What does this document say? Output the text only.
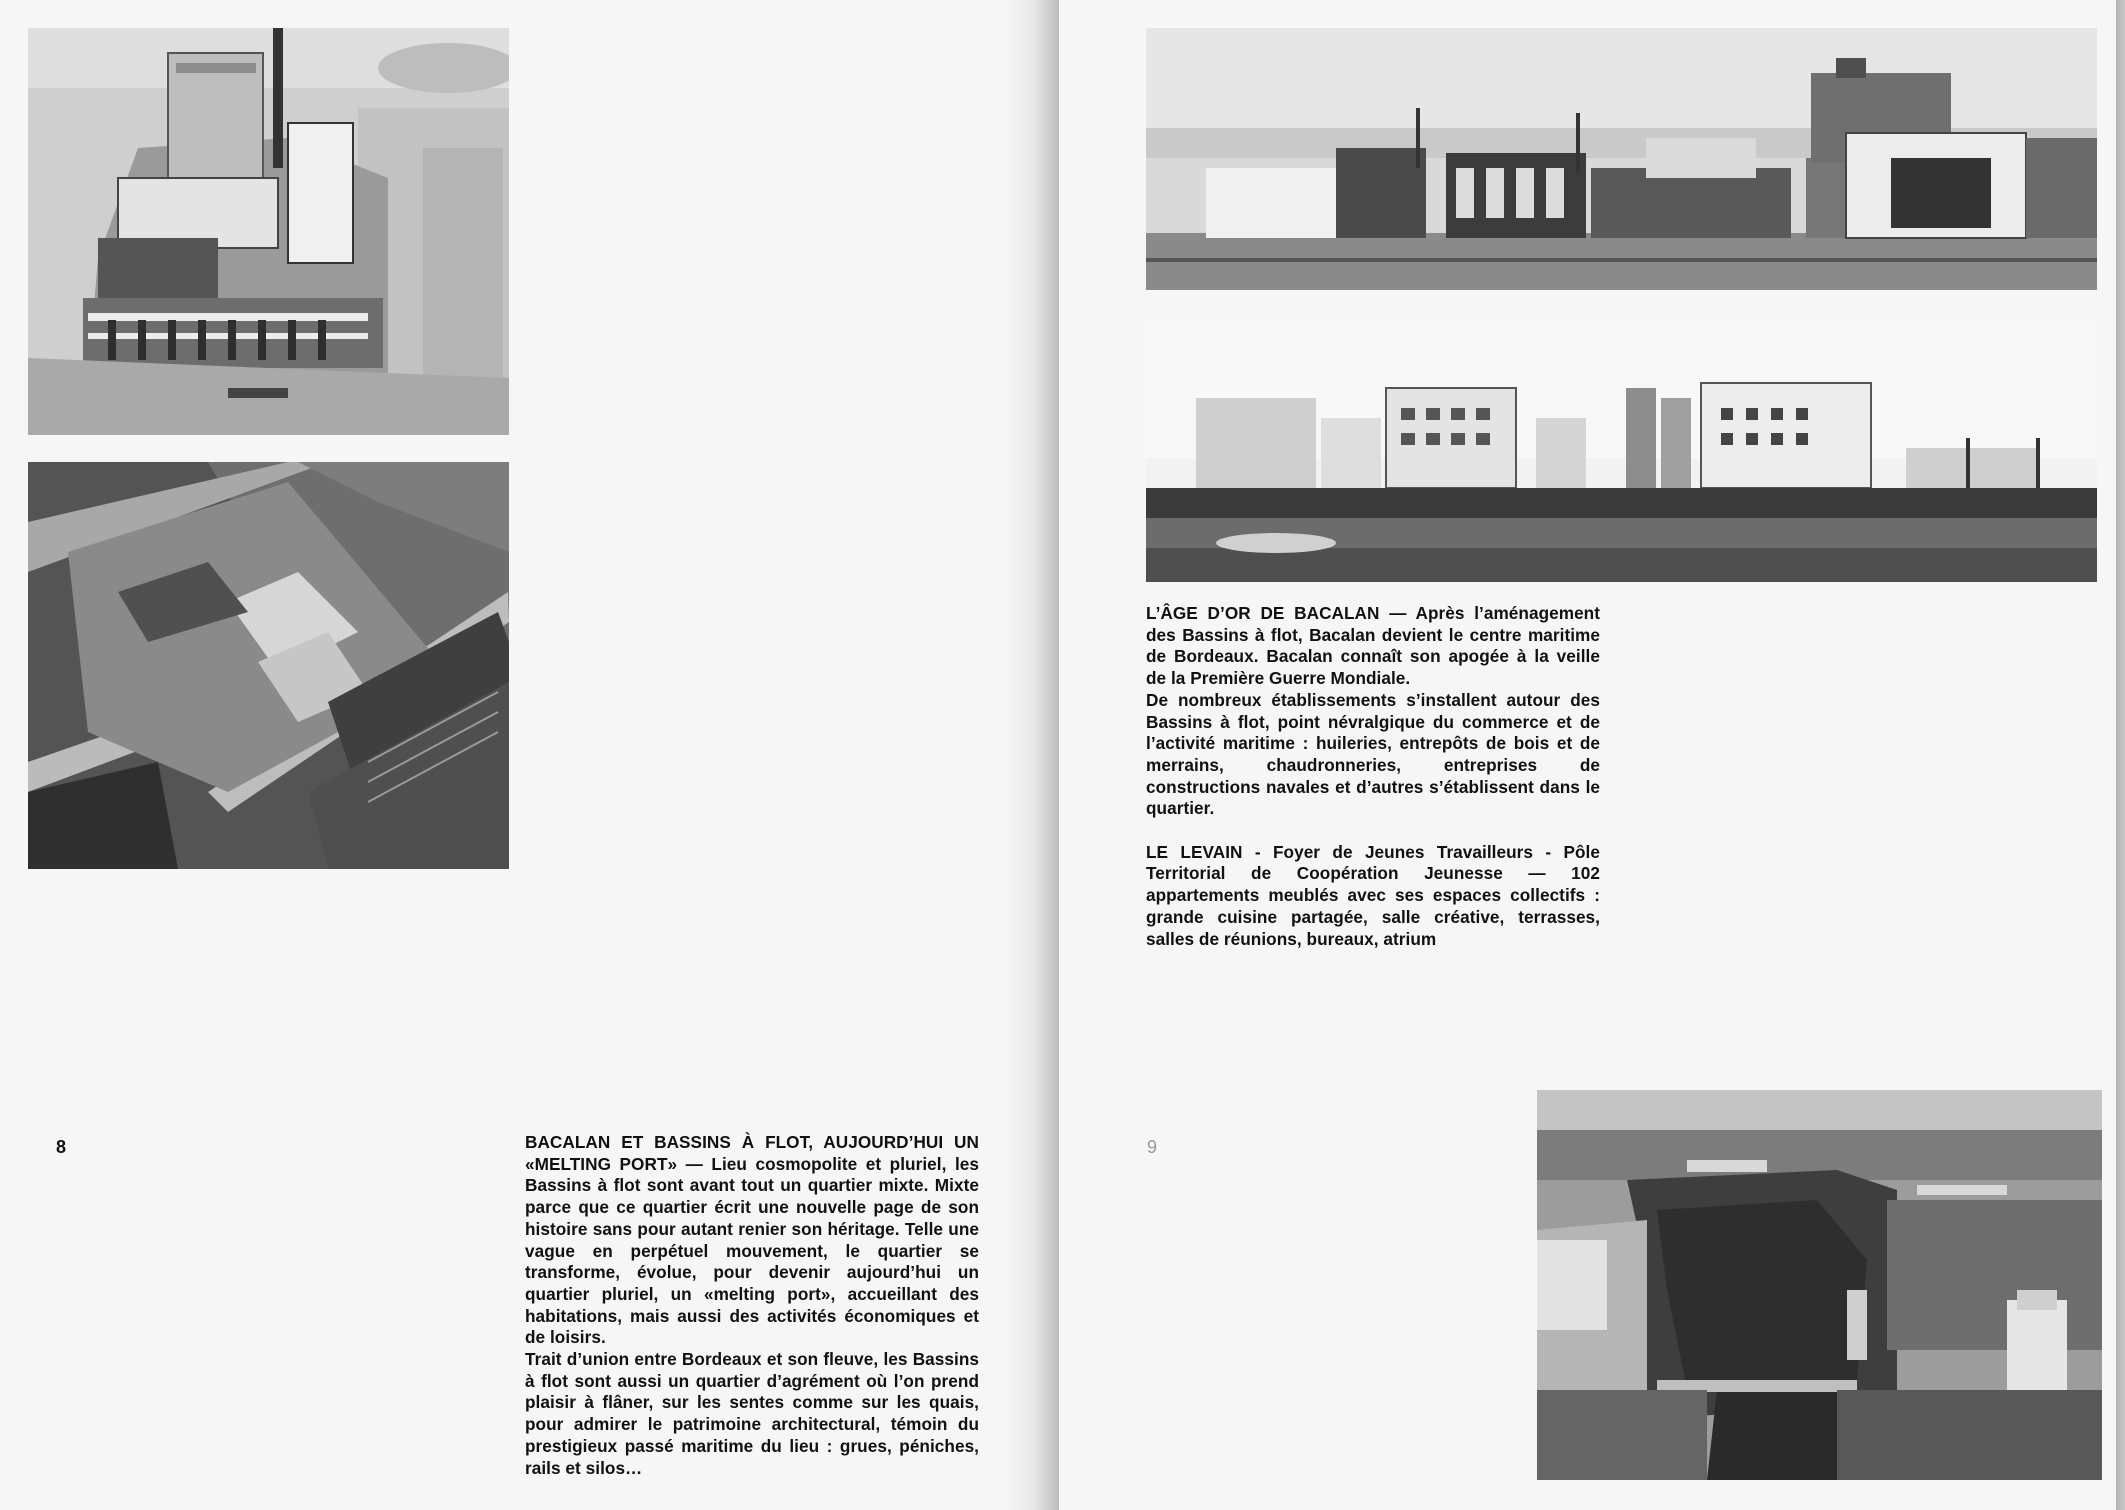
8	BACALAN ET BASSINS À FLOT, AUJOURD’HUI UN «MELTING PORT» — Lieu cosmopolite et pluriel, les Bassins à flot sont avant tout un quartier mixte. Mixte parce que ce quartier écrit une nouvelle page de son histoire sans pour autant renier son héritage. Telle une vague en perpétuel mouvement, le quartier se transforme, évolue, pour devenir aujourd’hui un quartier pluriel, un «melting port», accueillant des habitations, mais aussi des activités économiques et de loisirs.

Trait d’union entre Bordeaux et son fleuve, les Bassins à flot sont aussi un quartier d’agrément où l’on prend plaisir à flâner, sur les sentes comme sur les quais, pour admirer le patrimoine architectural, témoin du prestigieux passé maritime du lieu : grues, péniches, rails et silos…

L’ÂGE D’OR DE BACALAN — Après l’aménagement des Bassins à flot, Bacalan devient le centre maritime de Bordeaux. Bacalan connaît son apogée à la veille de la Première Guerre Mondiale.

De nombreux établissements s’installent autour des Bassins à flot, point névralgique du commerce et de l’activité maritime : huileries, entrepôts de bois et de merrains, chaudronneries, entreprises de constructions navales et d’autres s’établissent dans le quartier.

LE LEVAIN - Foyer de Jeunes Travailleurs - Pôle Territorial de Coopération Jeunesse — 102 appartements meublés avec ses espaces collectifs : grande cuisine partagée, salle créative, terrasses, salles de réunions, bureaux, atrium

9
